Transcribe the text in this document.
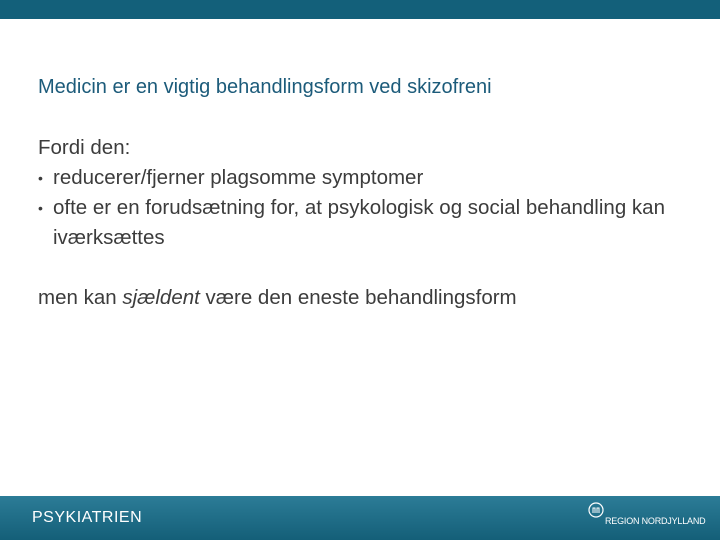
Medicin er en vigtig behandlingsform ved skizofreni

Fordi den:

• reducerer/fjerner plagsomme symptomer
• ofte er en forudsætning for, at psykologisk og social behandling kan iværksættes

men kan sjældent være den eneste behandlingsform

PSYKIATRIEN	REGION NORDJYLLAND
